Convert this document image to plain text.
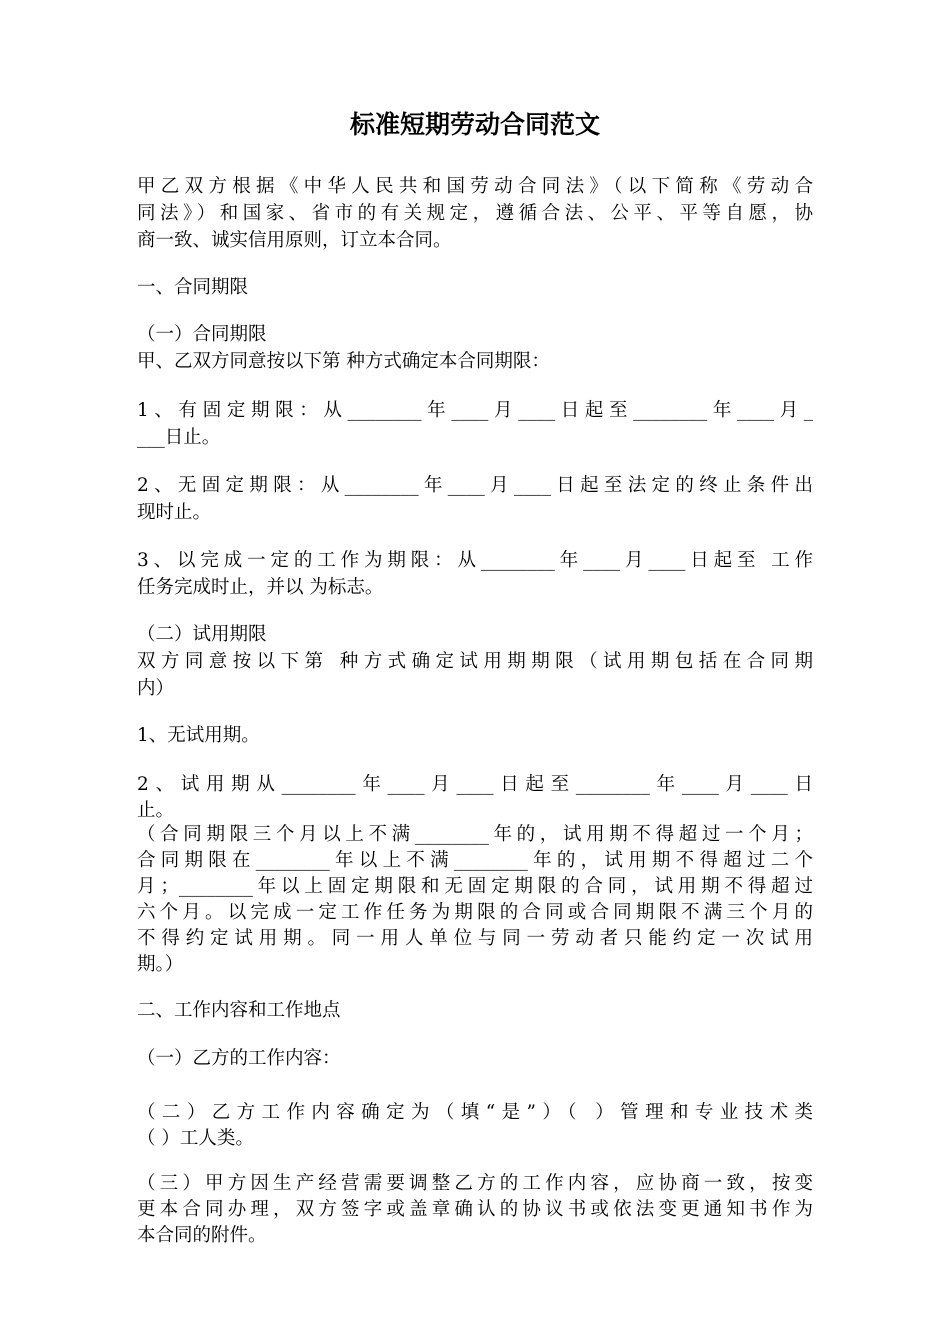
标准短期劳动合同范文
甲乙双方根据《中华人民共和国劳动合同法》（以下简称《劳动合
同法》）和国家、省市的有关规定，遵循合法、公平、平等自愿，协
商一致、诚实信用原则，订立本合同。
一、合同期限
（一）合同期限
甲、乙双方同意按以下第 种方式确定本合同期限：
1、有固定期限：从________年____月____日起至________年____月_
___日止。
2、无固定期限：从________年____月____日起至法定的终止条件出
现时止。
3、以完成一定的工作为期限：从________年____月____日起至 工作
任务完成时止，并以 为标志。
（二）试用期限
双方同意按以下第 种方式确定试用期期限（试用期包括在合同期
内）
1、无试用期。
2、试用期从________年____月____日起至________年____月____日
止。
（合同期限三个月以上不满________年的，试用期不得超过一个月；
合同期限在________年以上不满________年的，试用期不得超过二个
月；________年以上固定期限和无固定期限的合同，试用期不得超过
六个月。以完成一定工作任务为期限的合同或合同期限不满三个月的
不得约定试用期。同一用人单位与同一劳动者只能约定一次试用
期。）
二、工作内容和工作地点
（一）乙方的工作内容：
（二）乙方工作内容确定为（填“是”）（ ）管理和专业技术类
（ ）工人类。
（三）甲方因生产经营需要调整乙方的工作内容，应协商一致，按变
更本合同办理，双方签字或盖章确认的协议书或依法变更通知书作为
本合同的附件。
